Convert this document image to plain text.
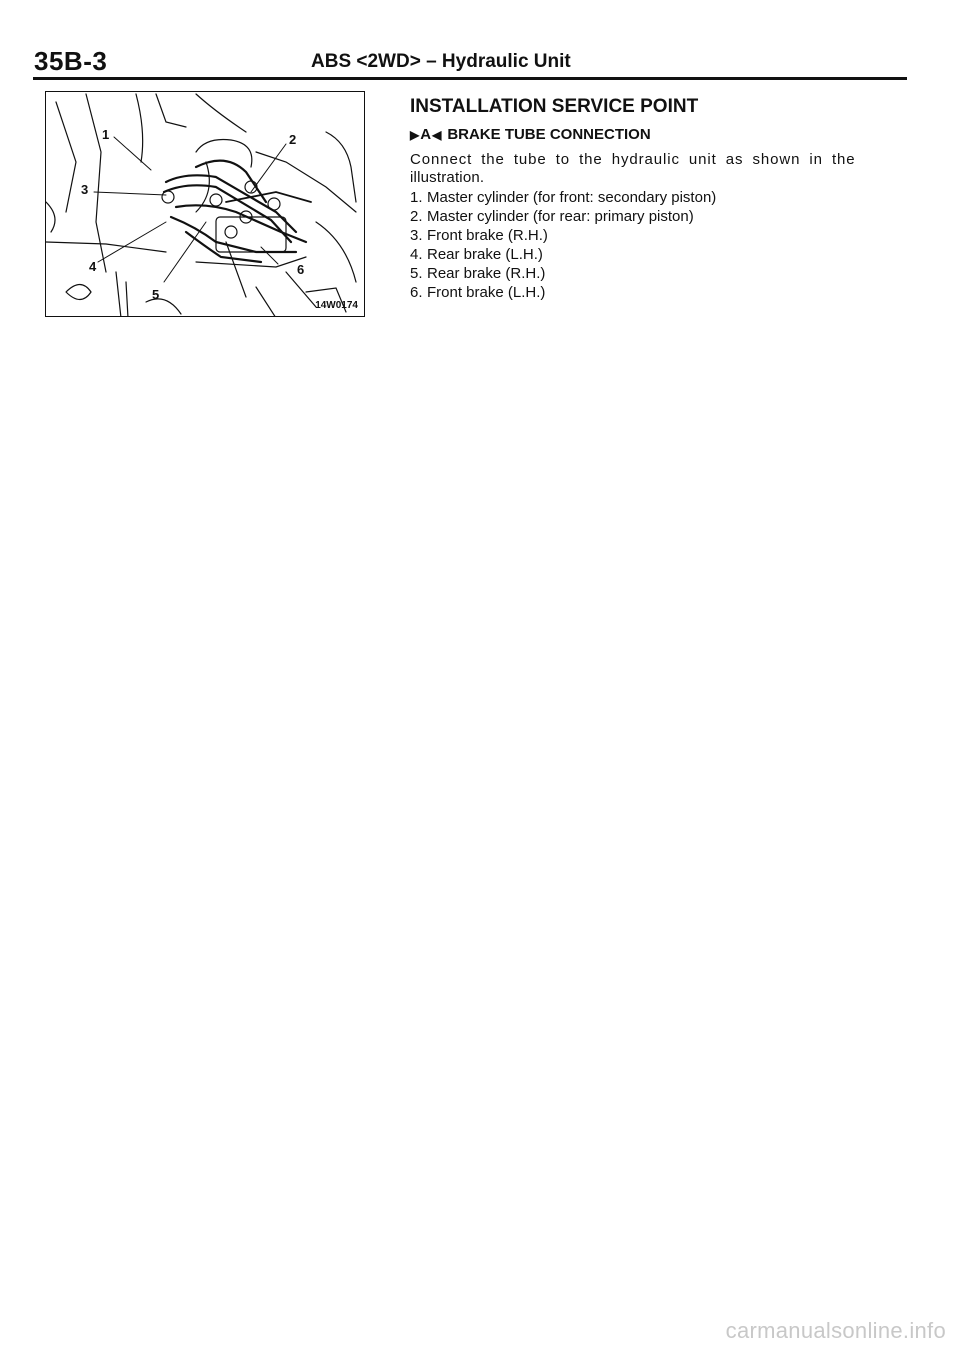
35B-3	ABS <2WD> – Hydraulic Unit
1	2
3
4
5
6
14W0174
INSTALLATION SERVICE POINT
▶ A ◀ BRAKE TUBE CONNECTION

Connect the tube to the hydraulic unit as shown in the
illustration.

1. Master cylinder (for front: secondary piston)
2. Master cylinder (for rear: primary piston)
3. Front brake (R.H.)
4. Rear brake (L.H.)
5. Rear brake (R.H.)
6. Front brake (L.H.)
carmanualsonline.info
